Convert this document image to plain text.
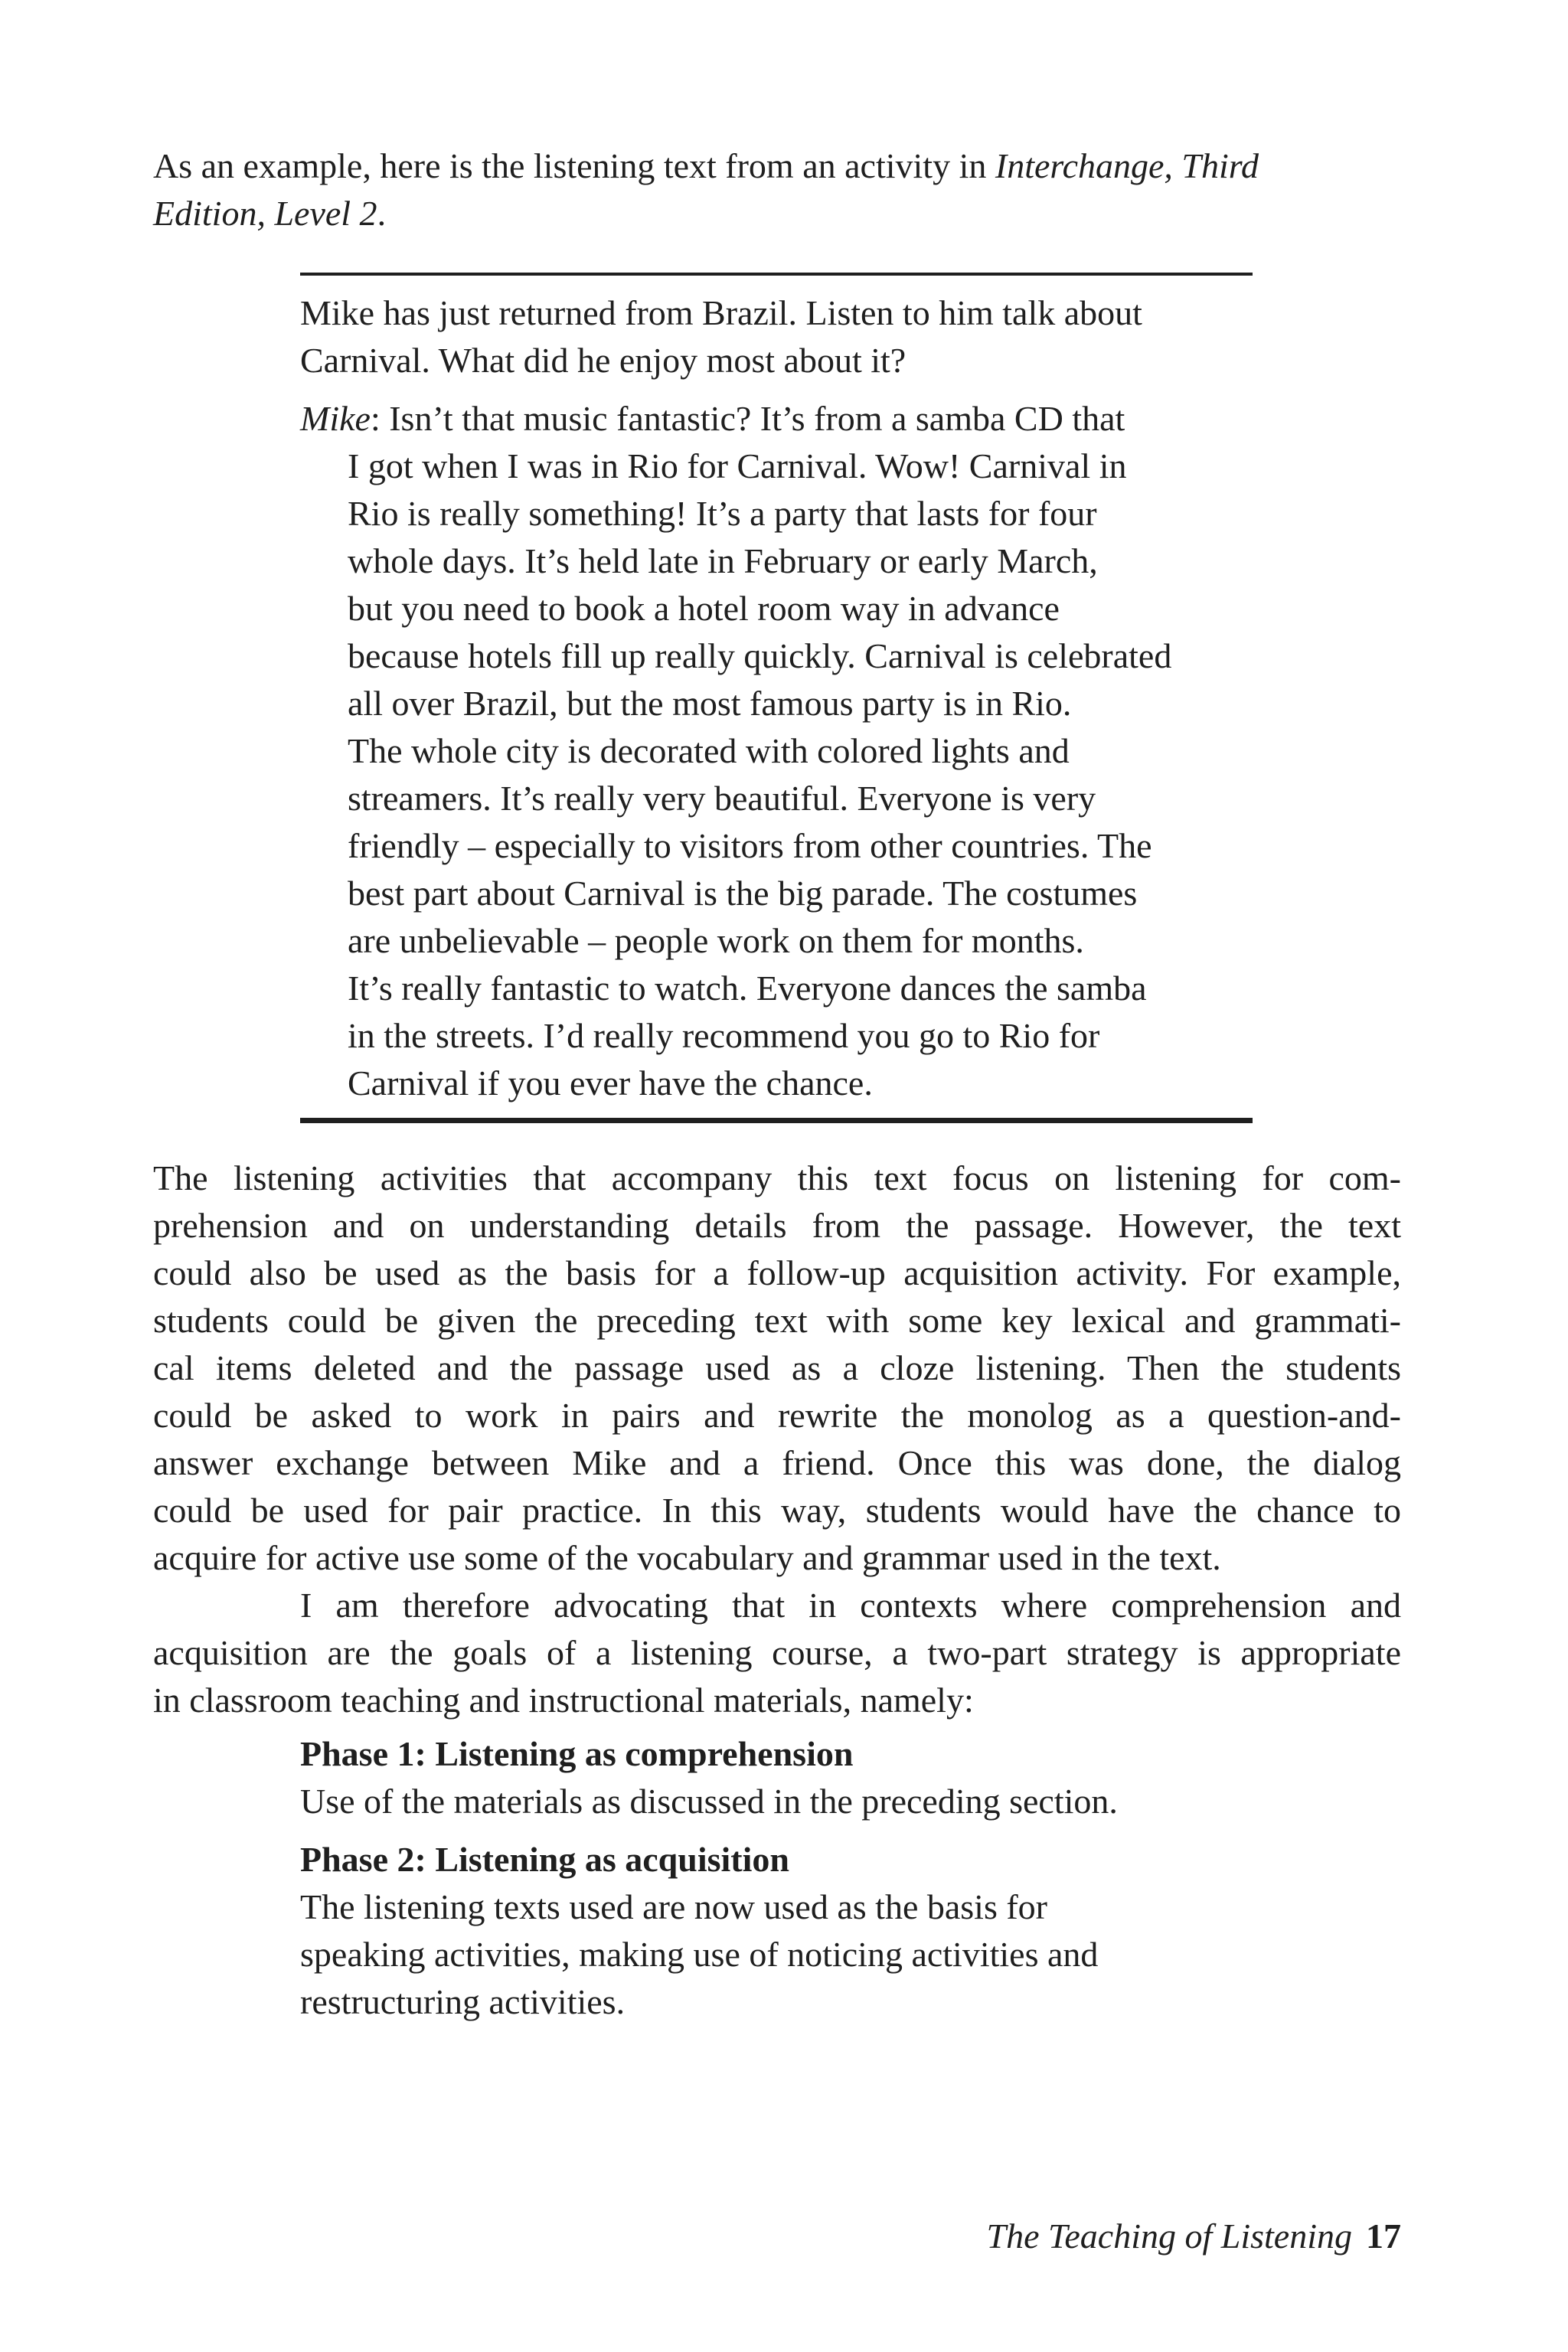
As an example, here is the listening text from an activity in Interchange, Third
Edition, Level 2.

Mike has just returned from Brazil. Listen to him talk about
Carnival. What did he enjoy most about it?

Mike: Isn’t that music fantastic? It’s from a samba CD that
I got when I was in Rio for Carnival. Wow! Carnival in
Rio is really something! It’s a party that lasts for four
whole days. It’s held late in February or early March,
but you need to book a hotel room way in advance
because hotels fill up really quickly. Carnival is celebrated
all over Brazil, but the most famous party is in Rio.
The whole city is decorated with colored lights and
streamers. It’s really very beautiful. Everyone is very
friendly – especially to visitors from other countries. The
best part about Carnival is the big parade. The costumes
are unbelievable – people work on them for months.
It’s really fantastic to watch. Everyone dances the samba
in the streets. I’d really recommend you go to Rio for
Carnival if you ever have the chance.

The listening activities that accompany this text focus on listening for com-
prehension and on understanding details from the passage. However, the text
could also be used as the basis for a follow-up acquisition activity. For example,
students could be given the preceding text with some key lexical and grammati-
cal items deleted and the passage used as a cloze listening. Then the students
could be asked to work in pairs and rewrite the monolog as a question-and-
answer exchange between Mike and a friend. Once this was done, the dialog
could be used for pair practice. In this way, students would have the chance to
acquire for active use some of the vocabulary and grammar used in the text.

I am therefore advocating that in contexts where comprehension and
acquisition are the goals of a listening course, a two-part strategy is appropriate
in classroom teaching and instructional materials, namely:

Phase 1: Listening as comprehension
Use of the materials as discussed in the preceding section.
Phase 2: Listening as acquisition
The listening texts used are now used as the basis for
speaking activities, making use of noticing activities and
restructuring activities.
The Teaching of Listening 17
